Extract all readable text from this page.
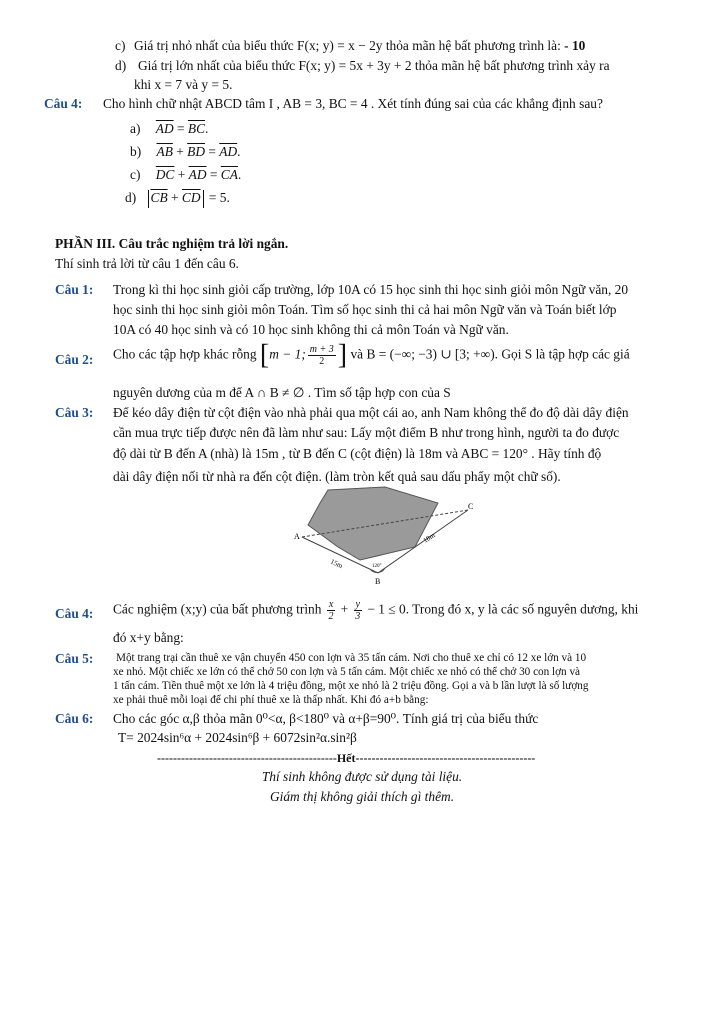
c) Giá trị nhỏ nhất của biểu thức F(x; y) = x − 2y thỏa mãn hệ bất phương trình là: - 10
d) Giá trị lớn nhất của biểu thức F(x; y) = 5x + 3y + 2 thỏa mãn hệ bất phương trình xảy ra
khi x = 7 và y = 5.
Câu 4: Cho hình chữ nhật ABCD tâm I , AB = 3, BC = 4 . Xét tính đúng sai của các khẳng định sau?
a) $\overline{AD} = \overline{BC}$.
b) $\overline{AB} + \overline{BD} = \overline{AD}$.
c) $\overline{DC} + \overline{AD} = \overline{CA}$.
d) $\overline{CB} + \overline{CD} = 5$.
PHẦN III. Câu trắc nghiệm trả lời ngắn.
Thí sinh trả lời từ câu 1 đến câu 6.
Câu 1: Trong kì thi học sinh giỏi cấp trường, lớp 10A có 15 học sinh thi học sinh giỏi môn Ngữ văn, 20
học sinh thi học sinh giỏi môn Toán. Tìm số học sinh thi cả hai môn Ngữ văn và Toán biết lớp
10A có 40 học sinh và có 10 học sinh không thi cả môn Toán và Ngữ văn.
Câu 2: Cho các tập hợp khác rỗng [m − 1; $\frac{m + 3}{2}$ ] và B = (−∞; −3) ∪ [3; +∞). Gọi S là tập hợp các giá
nguyên dương của m để A ∩ B ≠ ∅ . Tìm số tập hợp con của S
Câu 3: Để kéo dây điện từ cột điện vào nhà phải qua một cái ao, anh Nam không thể đo độ dài dây điện
cần mua trực tiếp được nên đã làm như sau: Lấy một điểm B như trong hình, người ta đo được
độ dài từ B đến A (nhà) là 15m , từ B đến C (cột điện) là 18m và ABC = 120° . Hãy tính độ
dài dây điện nối từ nhà ra đến cột điện. (làm tròn kết quả sau dấu phẩy một chữ số).
A
B
C
15m
18m
120°
Câu 4: Các nghiệm (x;y) của bất phương trình $\frac{x}{2} + \frac{y}{3} - 1 \le 0$. Trong đó x, y là các số nguyên dương, khi
đó x+y bằng:
Câu 5: Một trang trại cần thuê xe vận chuyển 450 con lợn và 35 tấn cám. Nơi cho thuê xe chỉ có 12 xe lớn và 10
xe nhỏ. Một chiếc xe lớn có thể chở 50 con lợn và 5 tấn cám. Một chiếc xe nhỏ có thể chở 30 con lợn và
1 tấn cám. Tiền thuê một xe lớn là 4 triệu đồng, một xe nhỏ là 2 triệu đồng. Gọi a và b lần lượt là số lượng
xe phải thuê mỗi loại để chi phí thuê xe là thấp nhất. Khi đó a+b bằng:
Câu 6: Cho các góc α,β thỏa mãn 0⁰<α, β<180⁰ và α+β=90⁰. Tính giá trị của biểu thức
T= 2024sin⁶α + 2024sin⁶β + 6072sin²α.sin²β
---------------------------------------------Hết---------------------------------------------
Thí sinh không được sử dụng tài liệu.
Giám thị không giải thích gì thêm.
